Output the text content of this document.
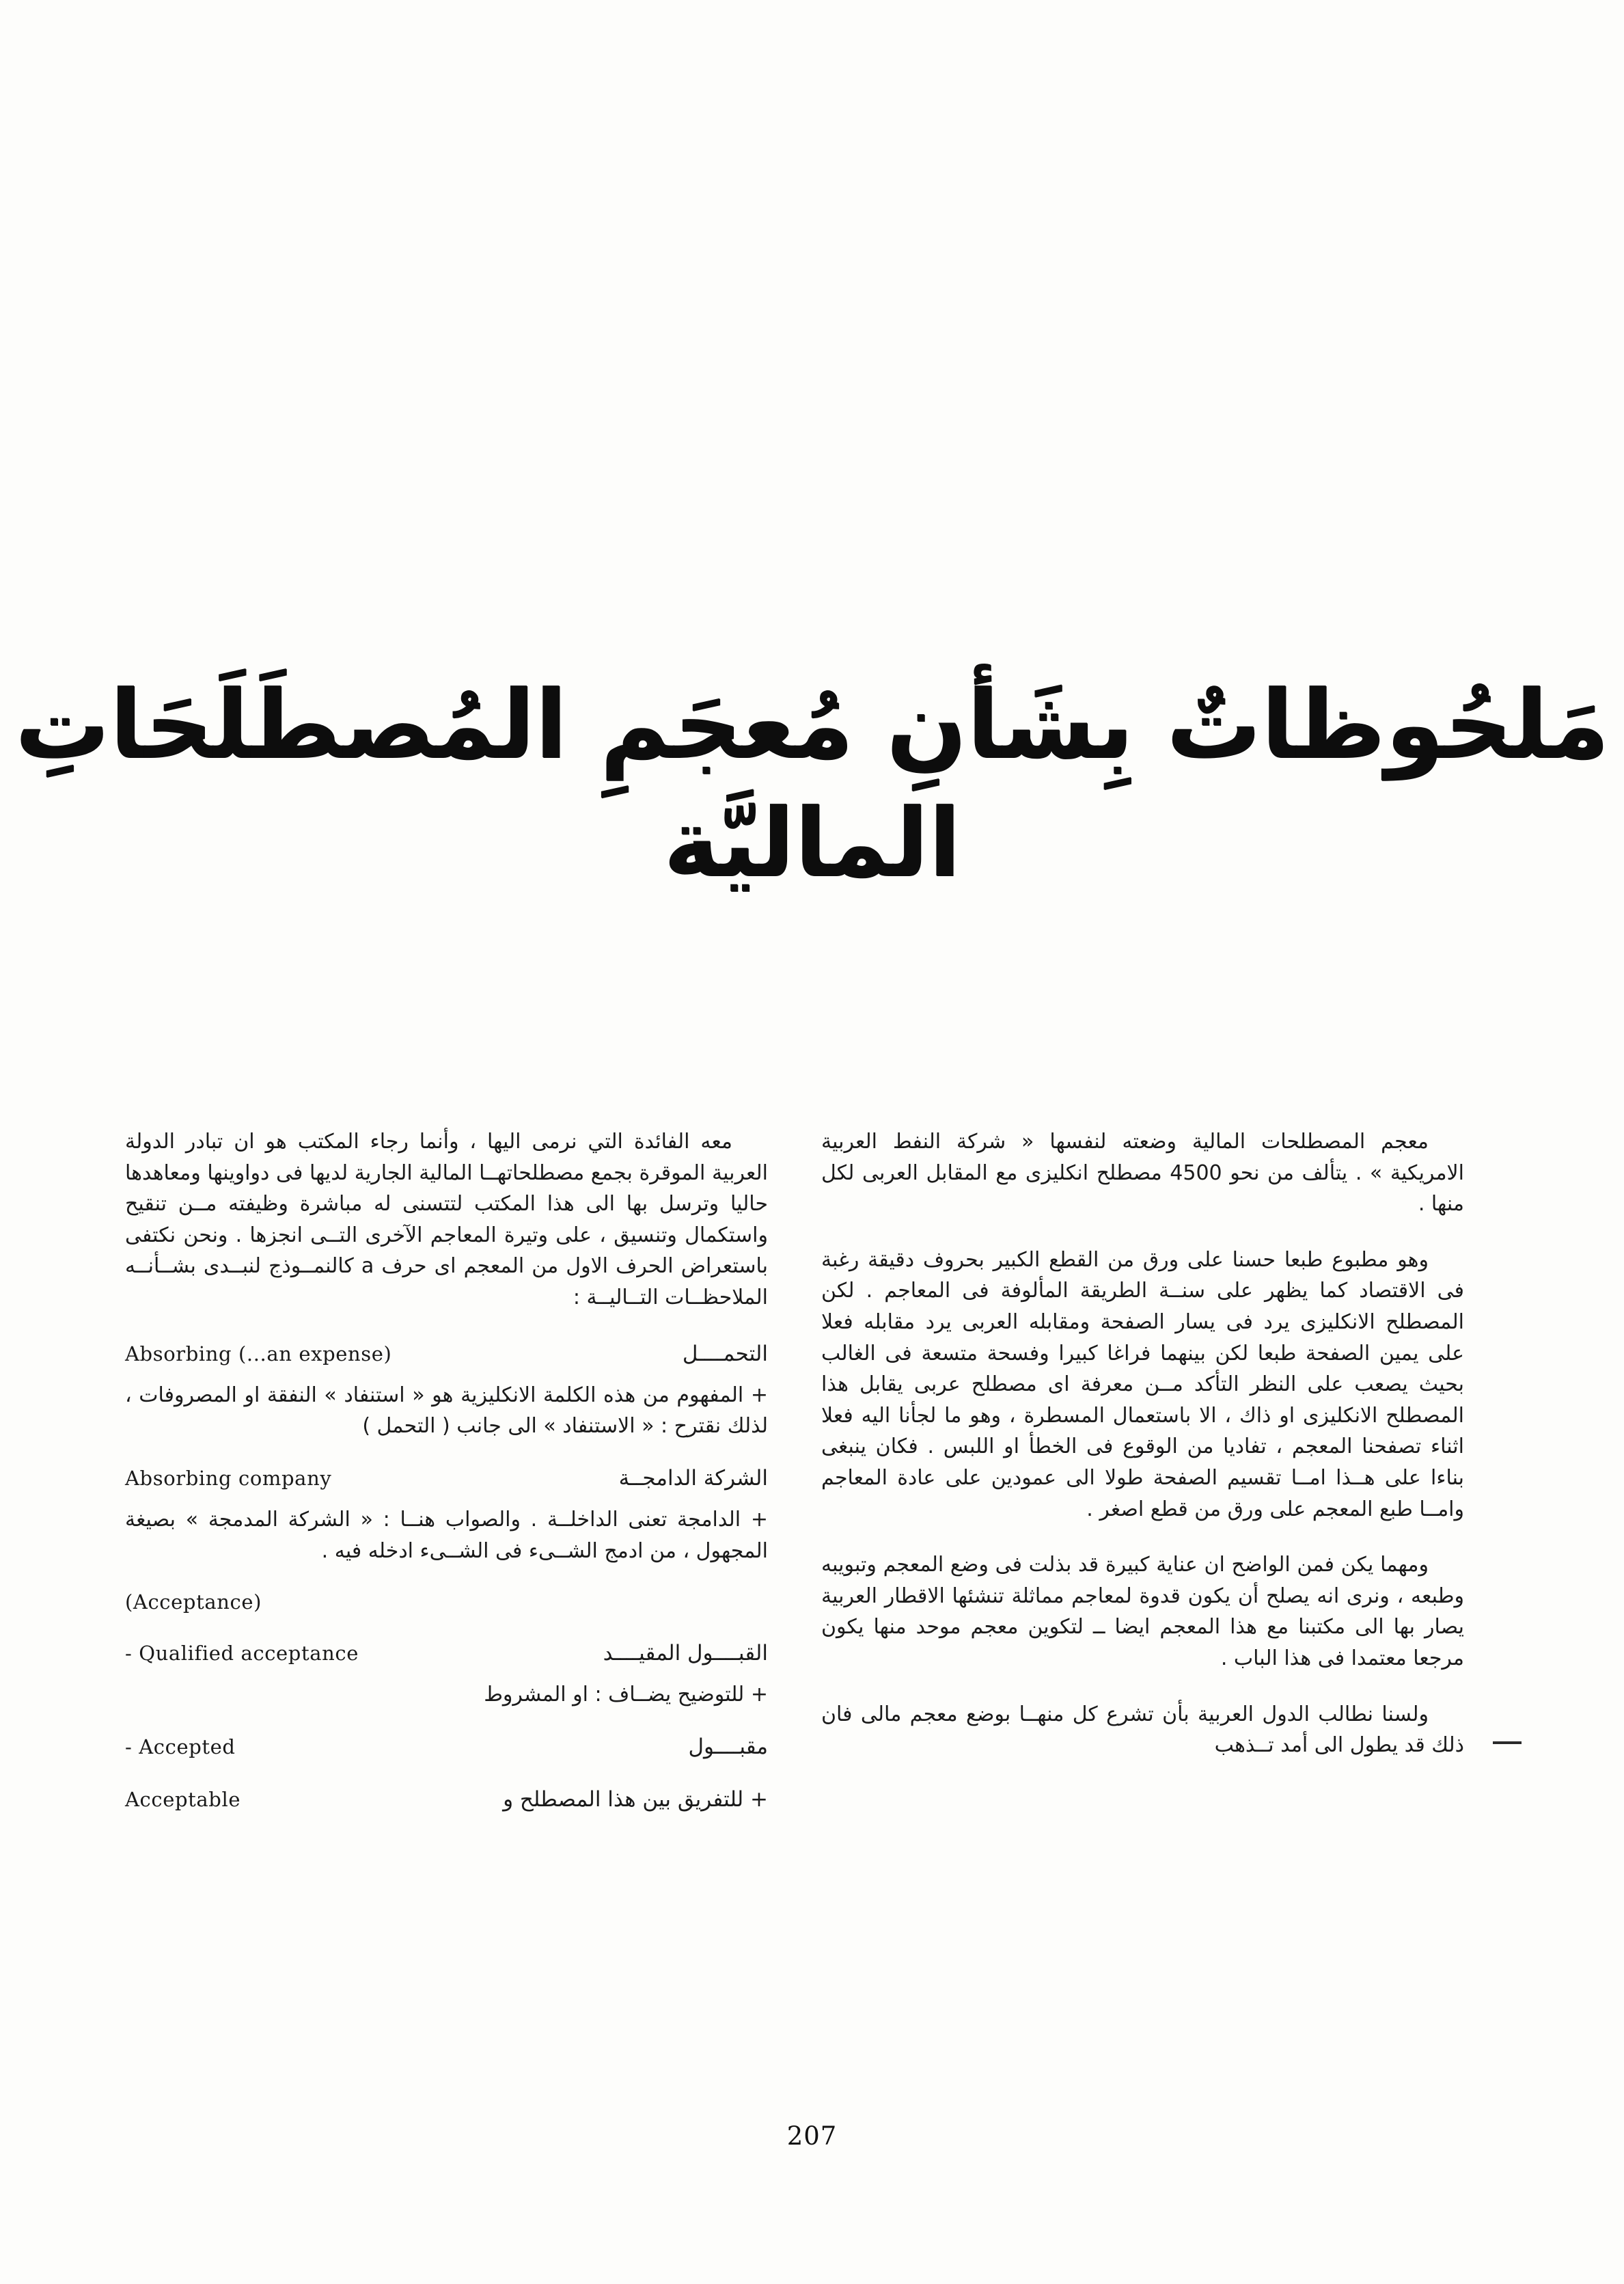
مَلحُوظاتٌ بِشَأنِ مُعجَمِ المُصطَلَحَاتِ الماليَّة

معجم المصطلحات المالية وضعته لنفسها « شركة النفط العربية الامريكية » . يتألف من نحو 4500 مصطلح انكليزى مع المقابل العربى لكل منها .

وهو مطبوع طبعا حسنا على ورق من القطع الكبير بحروف دقيقة رغبة فى الاقتصاد كما يظهر على سنــة الطريقة المألوفة فى المعاجم . لكن المصطلح الانكليزى يرد فى يسار الصفحة ومقابله العربى يرد مقابله فعلا على يمين الصفحة طبعا لكن بينهما فراغا كبيرا وفسحة متسعة فى الغالب بحيث يصعب على النظر التأكد مــن معرفة اى مصطلح عربى يقابل هذا المصطلح الانكليزى او ذاك ، الا باستعمال المسطرة ، وهو ما لجأنا اليه فعلا اثناء تصفحنا المعجم ، تفاديا من الوقوع فى الخطأ او اللبس . فكان ينبغى بناءا على هــذا امــا تقسيم الصفحة طولا الى عمودين على عادة المعاجم وامــا طبع المعجم على ورق من قطع اصغر .

ومهما يكن فمن الواضح ان عناية كبيرة قد بذلت فى وضع المعجم وتبويبه وطبعه ، ونرى انه يصلح أن يكون قدوة لمعاجم مماثلة تنشئها الاقطار العربية يصار بها الى مكتبنا مع هذا المعجم ايضا ــ لتكوين معجم موحد منها يكون مرجعا معتمدا فى هذا الباب .

ولسنا نطالب الدول العربية بأن تشرع كل منهــا بوضع معجم مالى فان ذلك قد يطول الى أمد تــذهب

معه الفائدة التي نرمى اليها ، وأنما رجاء المكتب هو ان تبادر الدولة العربية الموقرة بجمع مصطلحاتهــا المالية الجارية لديها فى دواوينها ومعاهدها حاليا وترسل بها الى هذا المكتب لتتسنى له مباشرة وظيفته مــن تنقيح واستكمال وتنسيق ، على وتيرة المعاجم الآخرى التــى انجزها . ونحن نكتفى باستعراض الحرف الاول من المعجم اى حرف a كالنمــوذج لنبــدى بشــأنــه الملاحظــات التــاليــة :

Absorbing (...an expense)	التحمــــل

+ المفهوم من هذه الكلمة الانكليزية هو « استنفاد » النفقة او المصروفات ، لذلك نقترح : « الاستنفاد » الى جانب ( التحمل )

Absorbing company	الشركة الدامجــة

+ الدامجة تعنى الداخلــة . والصواب هنــا : « الشركة المدمجة » بصيغة المجهول ، من ادمج الشــىء فى الشــىء ادخله فيه .

(Acceptance)
- Qualified acceptance	القبــــول المقيــــد

+ للتوضيح يضــاف : او المشروط

- Accepted	مقبــــول
Acceptable	+ للتفريق بين هذا المصطلح و
207
